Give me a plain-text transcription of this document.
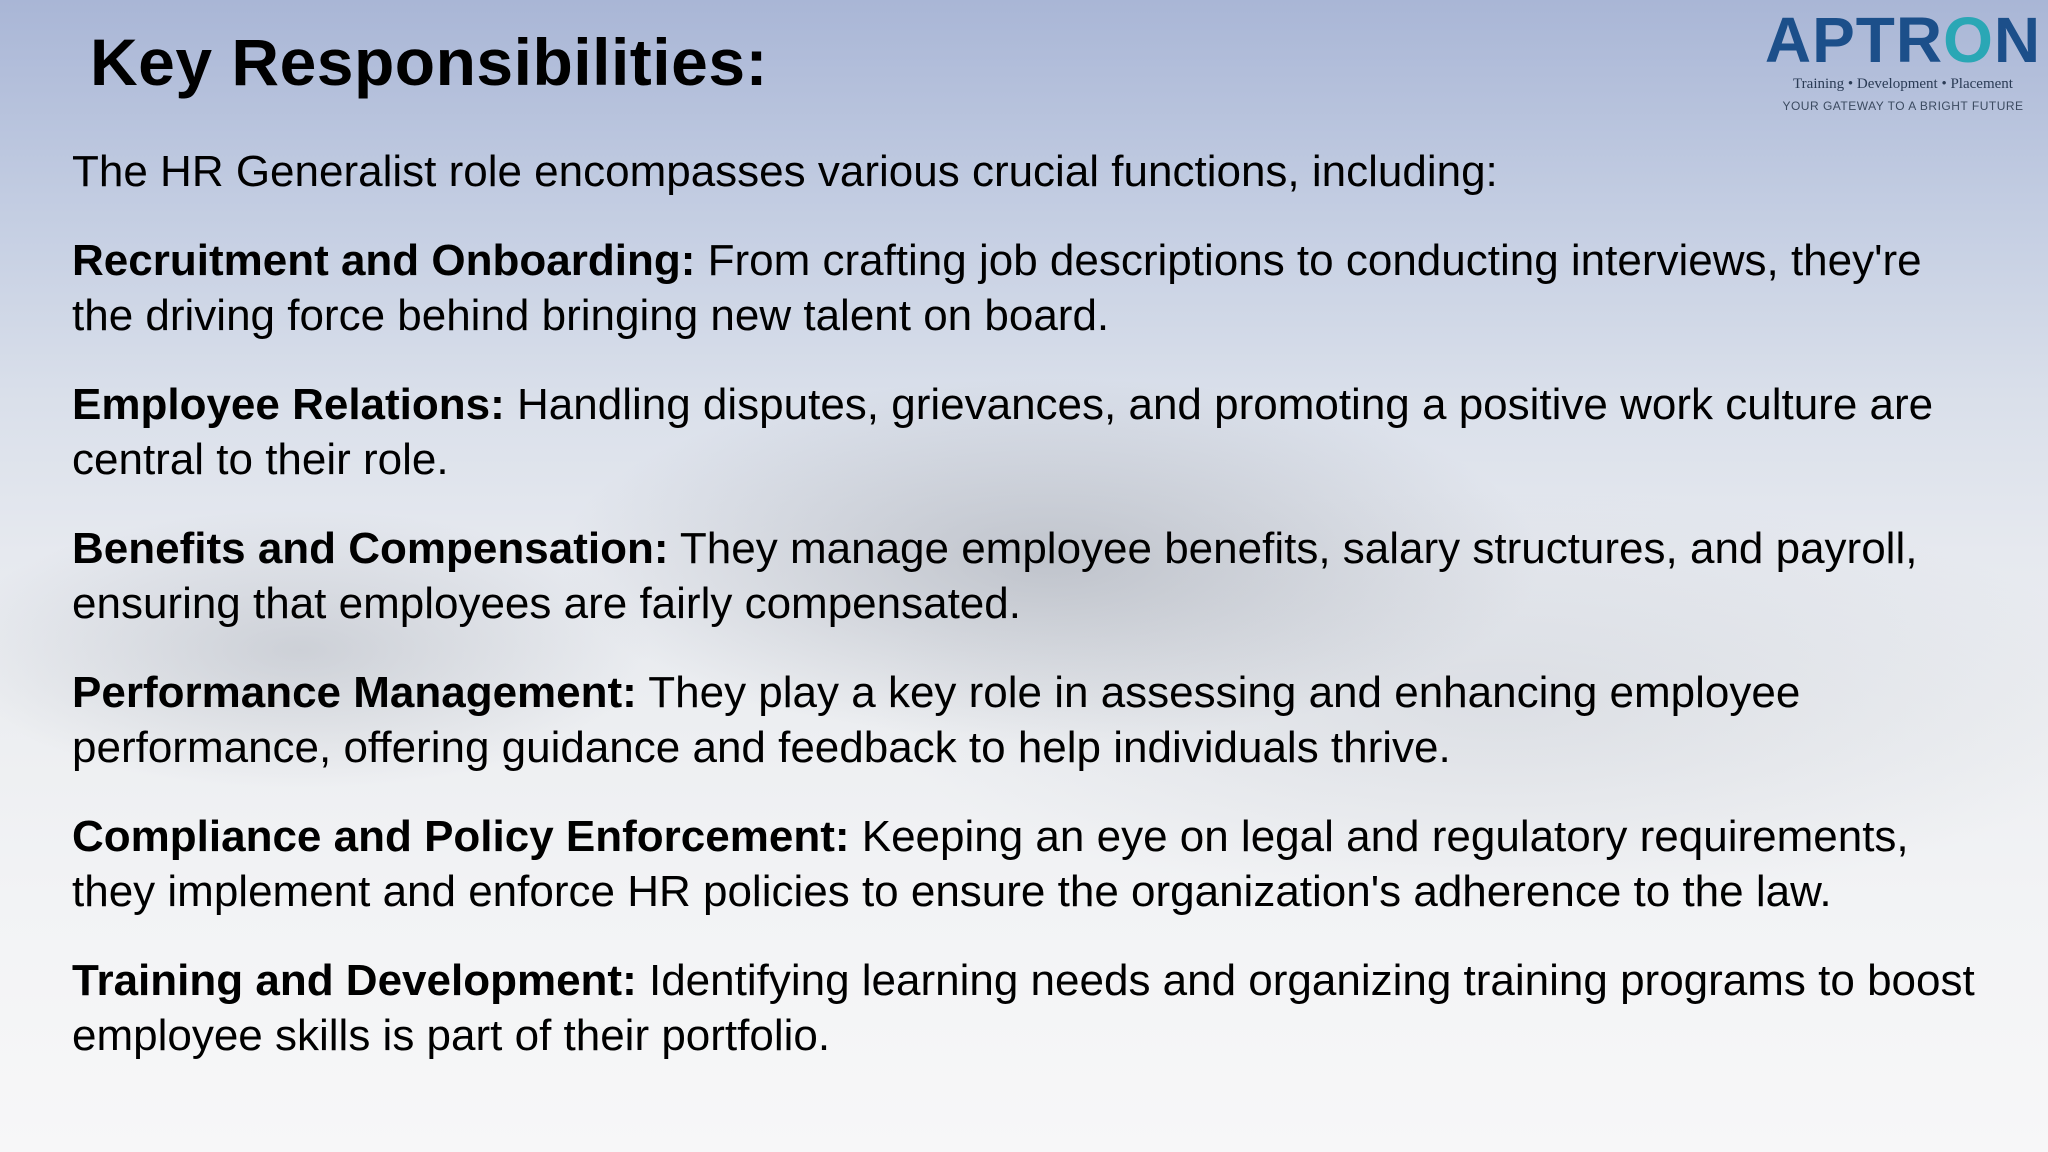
Key Responsibilities:	APTRON
Training • Development • Placement
YOUR GATEWAY TO A BRIGHT FUTURE

The HR Generalist role encompasses various crucial functions, including:

Recruitment and Onboarding: From crafting job descriptions to conducting interviews, they're the driving force behind bringing new talent on board.

Employee Relations: Handling disputes, grievances, and promoting a positive work culture are central to their role.

Benefits and Compensation: They manage employee benefits, salary structures, and payroll, ensuring that employees are fairly compensated.

Performance Management: They play a key role in assessing and enhancing employee performance, offering guidance and feedback to help individuals thrive.

Compliance and Policy Enforcement: Keeping an eye on legal and regulatory requirements, they implement and enforce HR policies to ensure the organization's adherence to the law.

Training and Development: Identifying learning needs and organizing training programs to boost employee skills is part of their portfolio.
